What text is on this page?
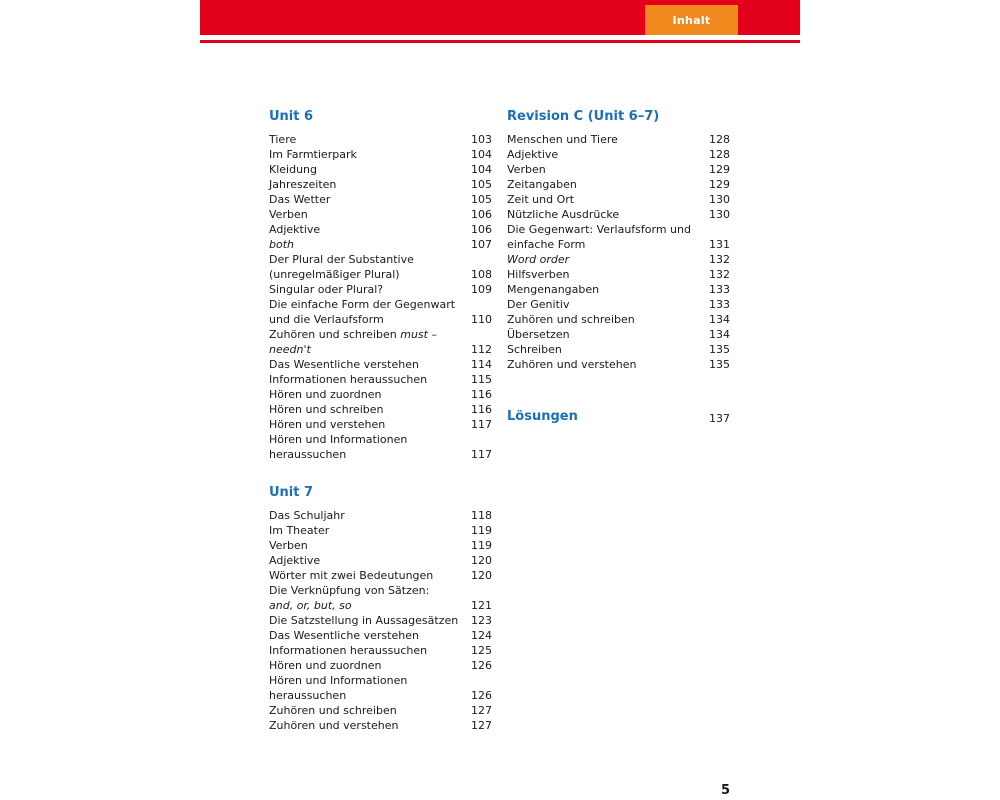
Inhalt
Unit 6
Tiere	103
Im Farmtierpark	104
Kleidung	104
Jahreszeiten	105
Das Wetter	105
Verben	106
Adjektive	106
both	107
Der Plural der Substantive
(unregelmäßiger Plural)	108
Singular oder Plural?	109
Die einfache Form der Gegenwart
und die Verlaufsform	110
Zuhören und schreiben must – needn't	112
Das Wesentliche verstehen	114
Informationen heraussuchen	115
Hören und zuordnen	116
Hören und schreiben	116
Hören und verstehen	117
Hören und Informationen
heraussuchen	117
Unit 7
Das Schuljahr	118
Im Theater	119
Verben	119
Adjektive	120
Wörter mit zwei Bedeutungen	120
Die Verknüpfung von Sätzen:
and, or, but, so	121
Die Satzstellung in Aussagesätzen	123
Das Wesentliche verstehen	124
Informationen heraussuchen	125
Hören und zuordnen	126
Hören und Informationen
heraussuchen	126
Zuhören und schreiben	127
Zuhören und verstehen	127
Revision C (Unit 6–7)
Menschen und Tiere	128
Adjektive	128
Verben	129
Zeitangaben	129
Zeit und Ort	130
Nützliche Ausdrücke	130
Die Gegenwart: Verlaufsform und
einfache Form	131
Word order	132
Hilfsverben	132
Mengenangaben	133
Der Genitiv	133
Zuhören und schreiben	134
Übersetzen	134
Schreiben	135
Zuhören und verstehen	135
Lösungen	137
5
